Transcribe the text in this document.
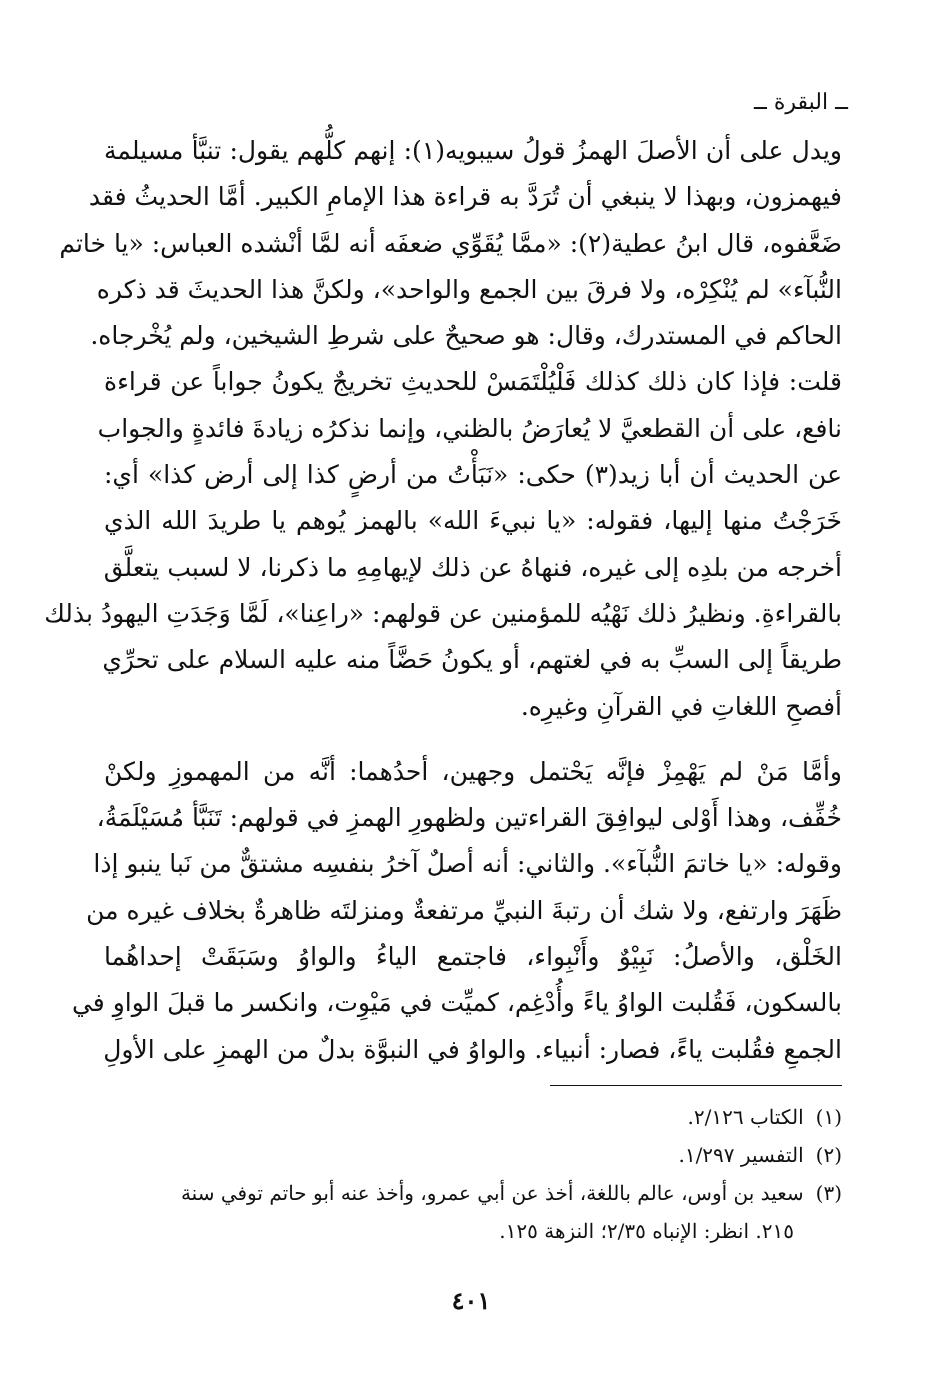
ــ البقرة ــ
ويدل على أن الأصلَ الهمزُ قولُ سيبويه(١): إنهم كلُّهم يقول: تنبَّأ مسيلمة
فيهمزون، وبهذا لا ينبغي أن تُرَدَّ به قراءة هذا الإمامِ الكبير. أمَّا الحديثُ فقد
ضَعَّفوه، قال ابنُ عطية(٢): «ممَّا يُقَوِّي ضعفَه أنه لمَّا أنْشده العباس: «يا خاتم
النُّبآء» لم يُنْكِرْه، ولا فرقَ بين الجمع والواحد»، ولكنَّ هذا الحديثَ قد ذكره
الحاكم في المستدرك، وقال: هو صحيحٌ على شرطِ الشيخين، ولم يُخْرجاه.
قلت: فإذا كان ذلك كذلك فَلْيُلْتَمَسْ للحديثِ تخريجٌ يكونُ جواباً عن قراءة
نافع، على أن القطعيَّ لا يُعارَضُ بالظني، وإنما نذكرُه زيادةَ فائدةٍ والجواب
عن الحديث أن أبا زيد(٣) حكى: «نَبَأْتُ من أرضٍ كذا إلى أرض كذا» أي:
خَرَجْتُ منها إليها، فقوله: «يا نبيءَ الله» بالهمز يُوهم يا طريدَ الله الذي
أخرجه من بلدِه إلى غيره، فنهاهُ عن ذلك لإيهامِهِ ما ذكرنا، لا لسبب يتعلَّق
بالقراءةِ. ونظيرُ ذلك نَهْيُه للمؤمنين عن قولهم: «راعِنا»، لَمَّا وَجَدَتِ اليهودُ بذلك
طريقاً إلى السبِّ به في لغتهم، أو يكونُ حَضَّاً منه عليه السلام على تحرِّي
أفصحِ اللغاتِ في القرآنِ وغيرِه.
وأمَّا مَنْ لم يَهْمِزْ فإنَّه يَحْتمل وجهين، أحدُهما: أنَّه من المهموزِ ولكنْ
خُفِّف، وهذا أَوْلى ليوافِقَ القراءتين ولظهورِ الهمزِ في قولهم: تَنَبَّأ مُسَيْلَمَةُ،
وقوله: «يا خاتمَ النُّبآء». والثاني: أنه أصلٌ آخرُ بنفسِه مشتقٌّ من نَبا ينبو إذا
ظَهَرَ وارتفع، ولا شك أن رتبةَ النبيِّ مرتفعةٌ ومنزلتَه ظاهرةٌ بخلاف غيره من
الخَلْق، والأصلُ: نَبِيْوٌ وأَنْبِواء، فاجتمع الياءُ والواوُ وسَبَقَتْ إحداهُما
بالسكون، فَقُلبت الواوُ ياءً وأُدْغِم، كميِّت في مَيْوِت، وانكسر ما قبلَ الواوِ في
الجمعِ فقُلبت ياءً، فصار: أنبياء. والواوُ في النبوَّة بدلٌ من الهمزِ على الأولِ
(١)الكتاب ٢/١٢٦.
(٢)التفسير ١/٢٩٧.
(٣)سعيد بن أوس، عالم باللغة، أخذ عن أبي عمرو، وأخذ عنه أبو حاتم توفي سنة
٢١٥. انظر: الإنباه ٢/٣٥؛ النزهة ١٢٥.
٤٠١
